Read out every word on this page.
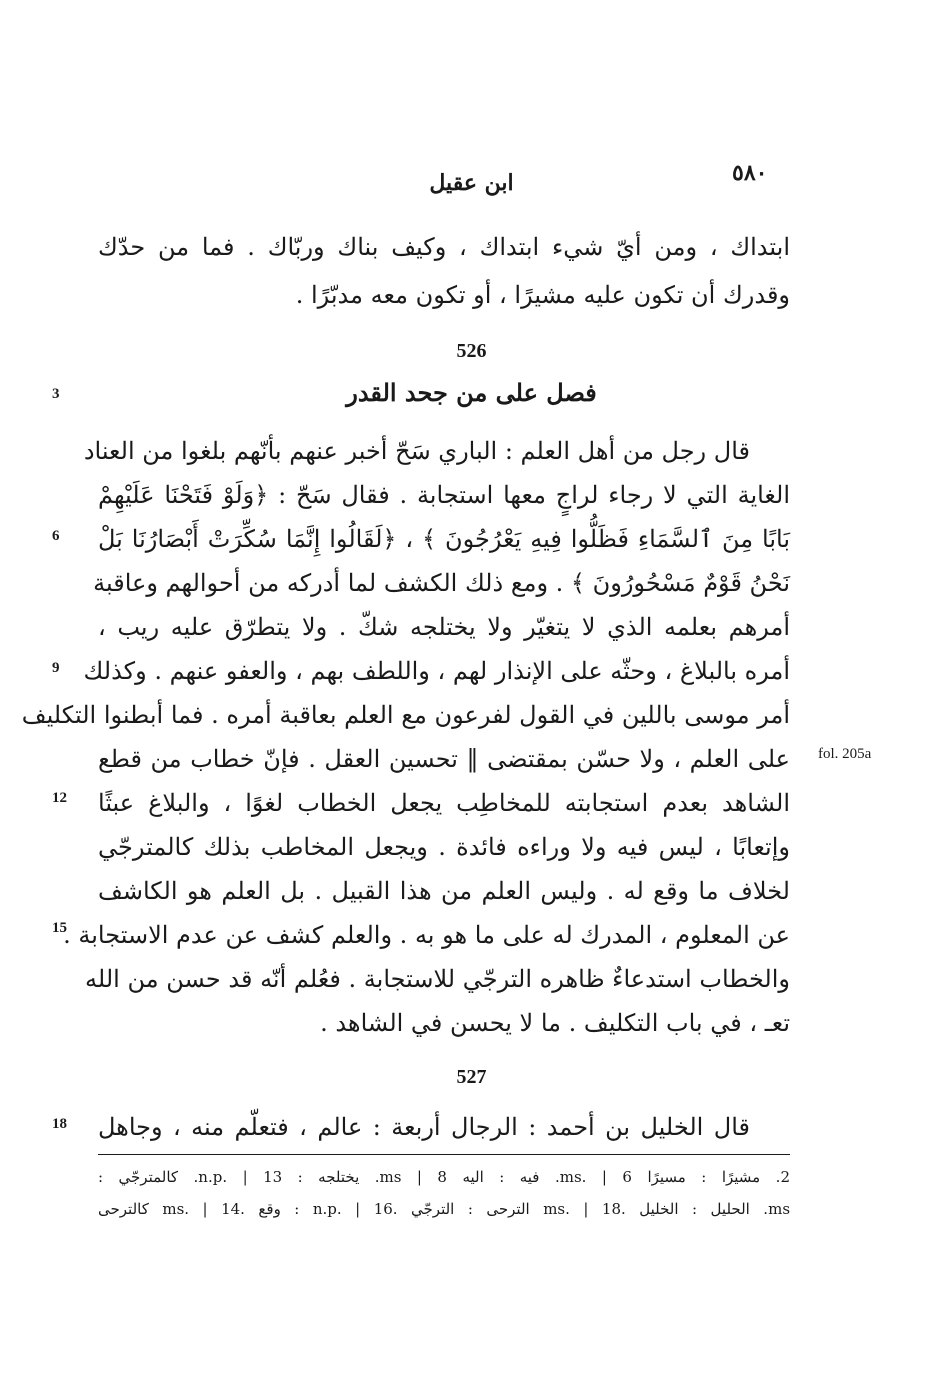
٥٨٠
ابن عقيل
ابتداك ، ومن أيّ شيء ابتداك ، وكيف بناك وربّاك . فما من حدّك
وقدرك أن تكون عليه مشيرًا ، أو تكون معه مدبّرًا .
526
فصل على من جحد القدر
قال رجل من أهل العلم : الباري سَحّ أخبر عنهم بأنّهم بلغوا من العناد
الغاية التي لا رجاء لراجٍ معها استجابة . فقال سَحّ : ﴿وَلَوْ فَتَحْنَا عَلَيْهِمْ
بَابًا مِنَ ٱلسَّمَاءِ فَظَلُّوا فِيهِ يَعْرُجُونَ ﴾ ، ﴿لَقَالُوا إِنَّمَا سُكِّرَتْ أَبْصَارُنَا بَلْ
نَحْنُ قَوْمٌ مَسْحُورُونَ ﴾ . ومع ذلك الكشف لما أدركه من أحوالهم وعاقبة
أمرهم بعلمه الذي لا يتغيّر ولا يختلجه شكّ . ولا يتطرّق عليه ريب ،
أمره بالبلاغ ، وحثّه على الإنذار لهم ، واللطف بهم ، والعفو عنهم . وكذلك
أمر موسى باللين في القول لفرعون مع العلم بعاقبة أمره . فما أبطنوا التكليف
على العلم ، ولا حسّن بمقتضى ‖ تحسين العقل . فإنّ خطاب من قطع
الشاهد بعدم استجابته للمخاطِب يجعل الخطاب لغوًا ، والبلاغ عبثًا
وإتعابًا ، ليس فيه ولا وراءه فائدة . ويجعل المخاطب بذلك كالمترجّي
لخلاف ما وقع له . وليس العلم من هذا القبيل . بل العلم هو الكاشف
عن المعلوم ، المدرك له على ما هو به . والعلم كشف عن عدم الاستجابة .
والخطاب استدعاءٌ ظاهره الترجّي للاستجابة . فعُلم أنّه قد حسن من الله
تعـ ، في باب التكليف . ما لا يحسن في الشاهد .
527
قال الخليل بن أحمد : الرجال أربعة : عالم ، فتعلّم منه ، وجاهل
3
6
9
12
15
18
fol. 205a
2. مشيرًا : مسيرًا ms. | 6. فيه : اليه ms | 8. يختلجه : n.p. | 13. كالمترجّي :
ms. الحليل : الخليل .18 | .ms الترحى : الترجّي .16 | .n.p : وقع .14 | .ms كالترحى
